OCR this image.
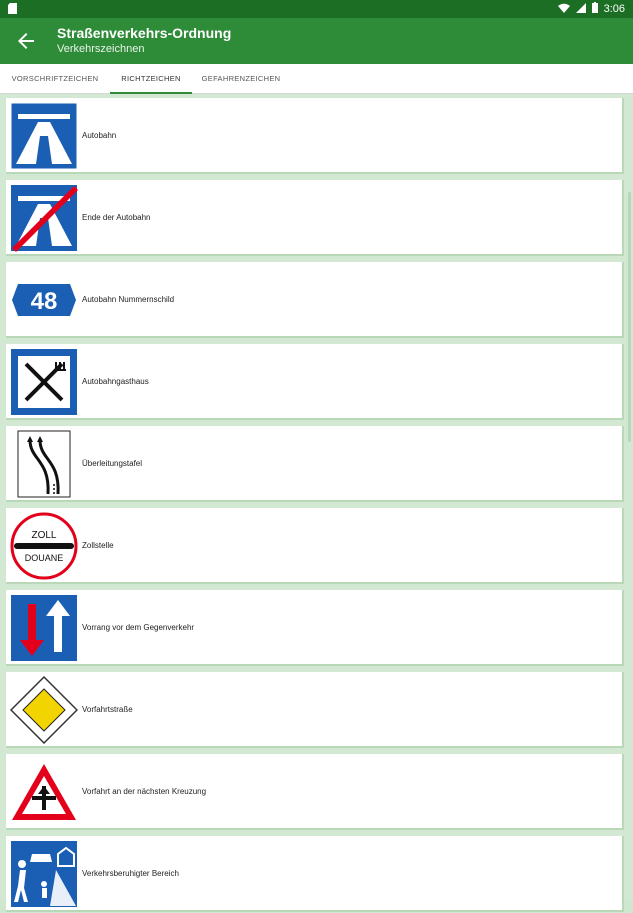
3:06
Straßenverkehrs-Ordnung
Verkehrszeichnen
VORSCHRIFTZEICHEN	RICHTZEICHEN	GEFAHRENZEICHEN
Autobahn
Ende der Autobahn
48	Autobahn Nummernschild
Autobahngasthaus
Überleitungstafel
ZOLL
DOUANE
Zollstelle
Vorrang vor dem Gegenverkehr
Vorfahrtstraße
Vorfahrt an der nächsten Kreuzung
Verkehrsberuhigter Bereich
